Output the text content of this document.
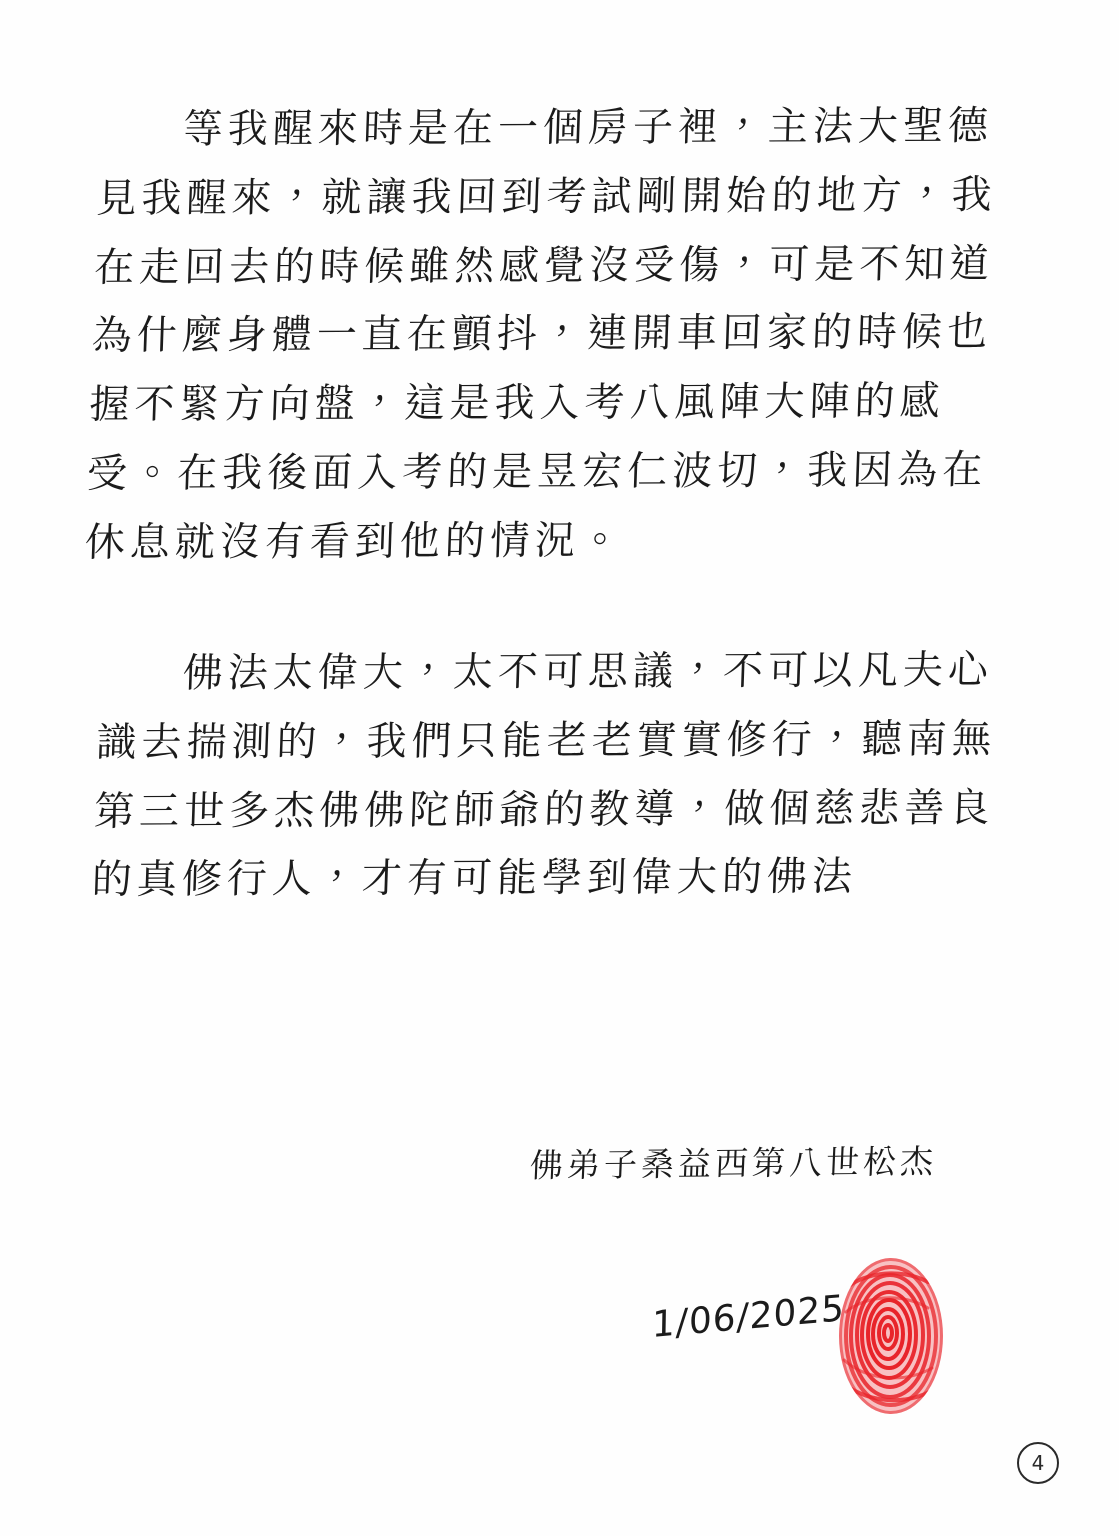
等我醒來時是在一個房子裡，主法大聖德見我醒來，就讓我回到考試剛開始的地方，我在走回去的時候雖然感覺沒受傷，可是不知道為什麼身體一直在顫抖，連開車回家的時候也握不緊方向盤，這是我入考八風陣大陣的感受。在我後面入考的是昱宏仁波切，我因為在休息就沒有看到他的情況。

佛法太偉大，太不可思議，不可以凡夫心識去揣測的，我們只能老老實實修行，聽南無第三世多杰佛佛陀師爺的教導，做個慈悲善良的真修行人，才有可能學到偉大的佛法

佛弟子桑益西第八世松杰
1/06/2025
4
